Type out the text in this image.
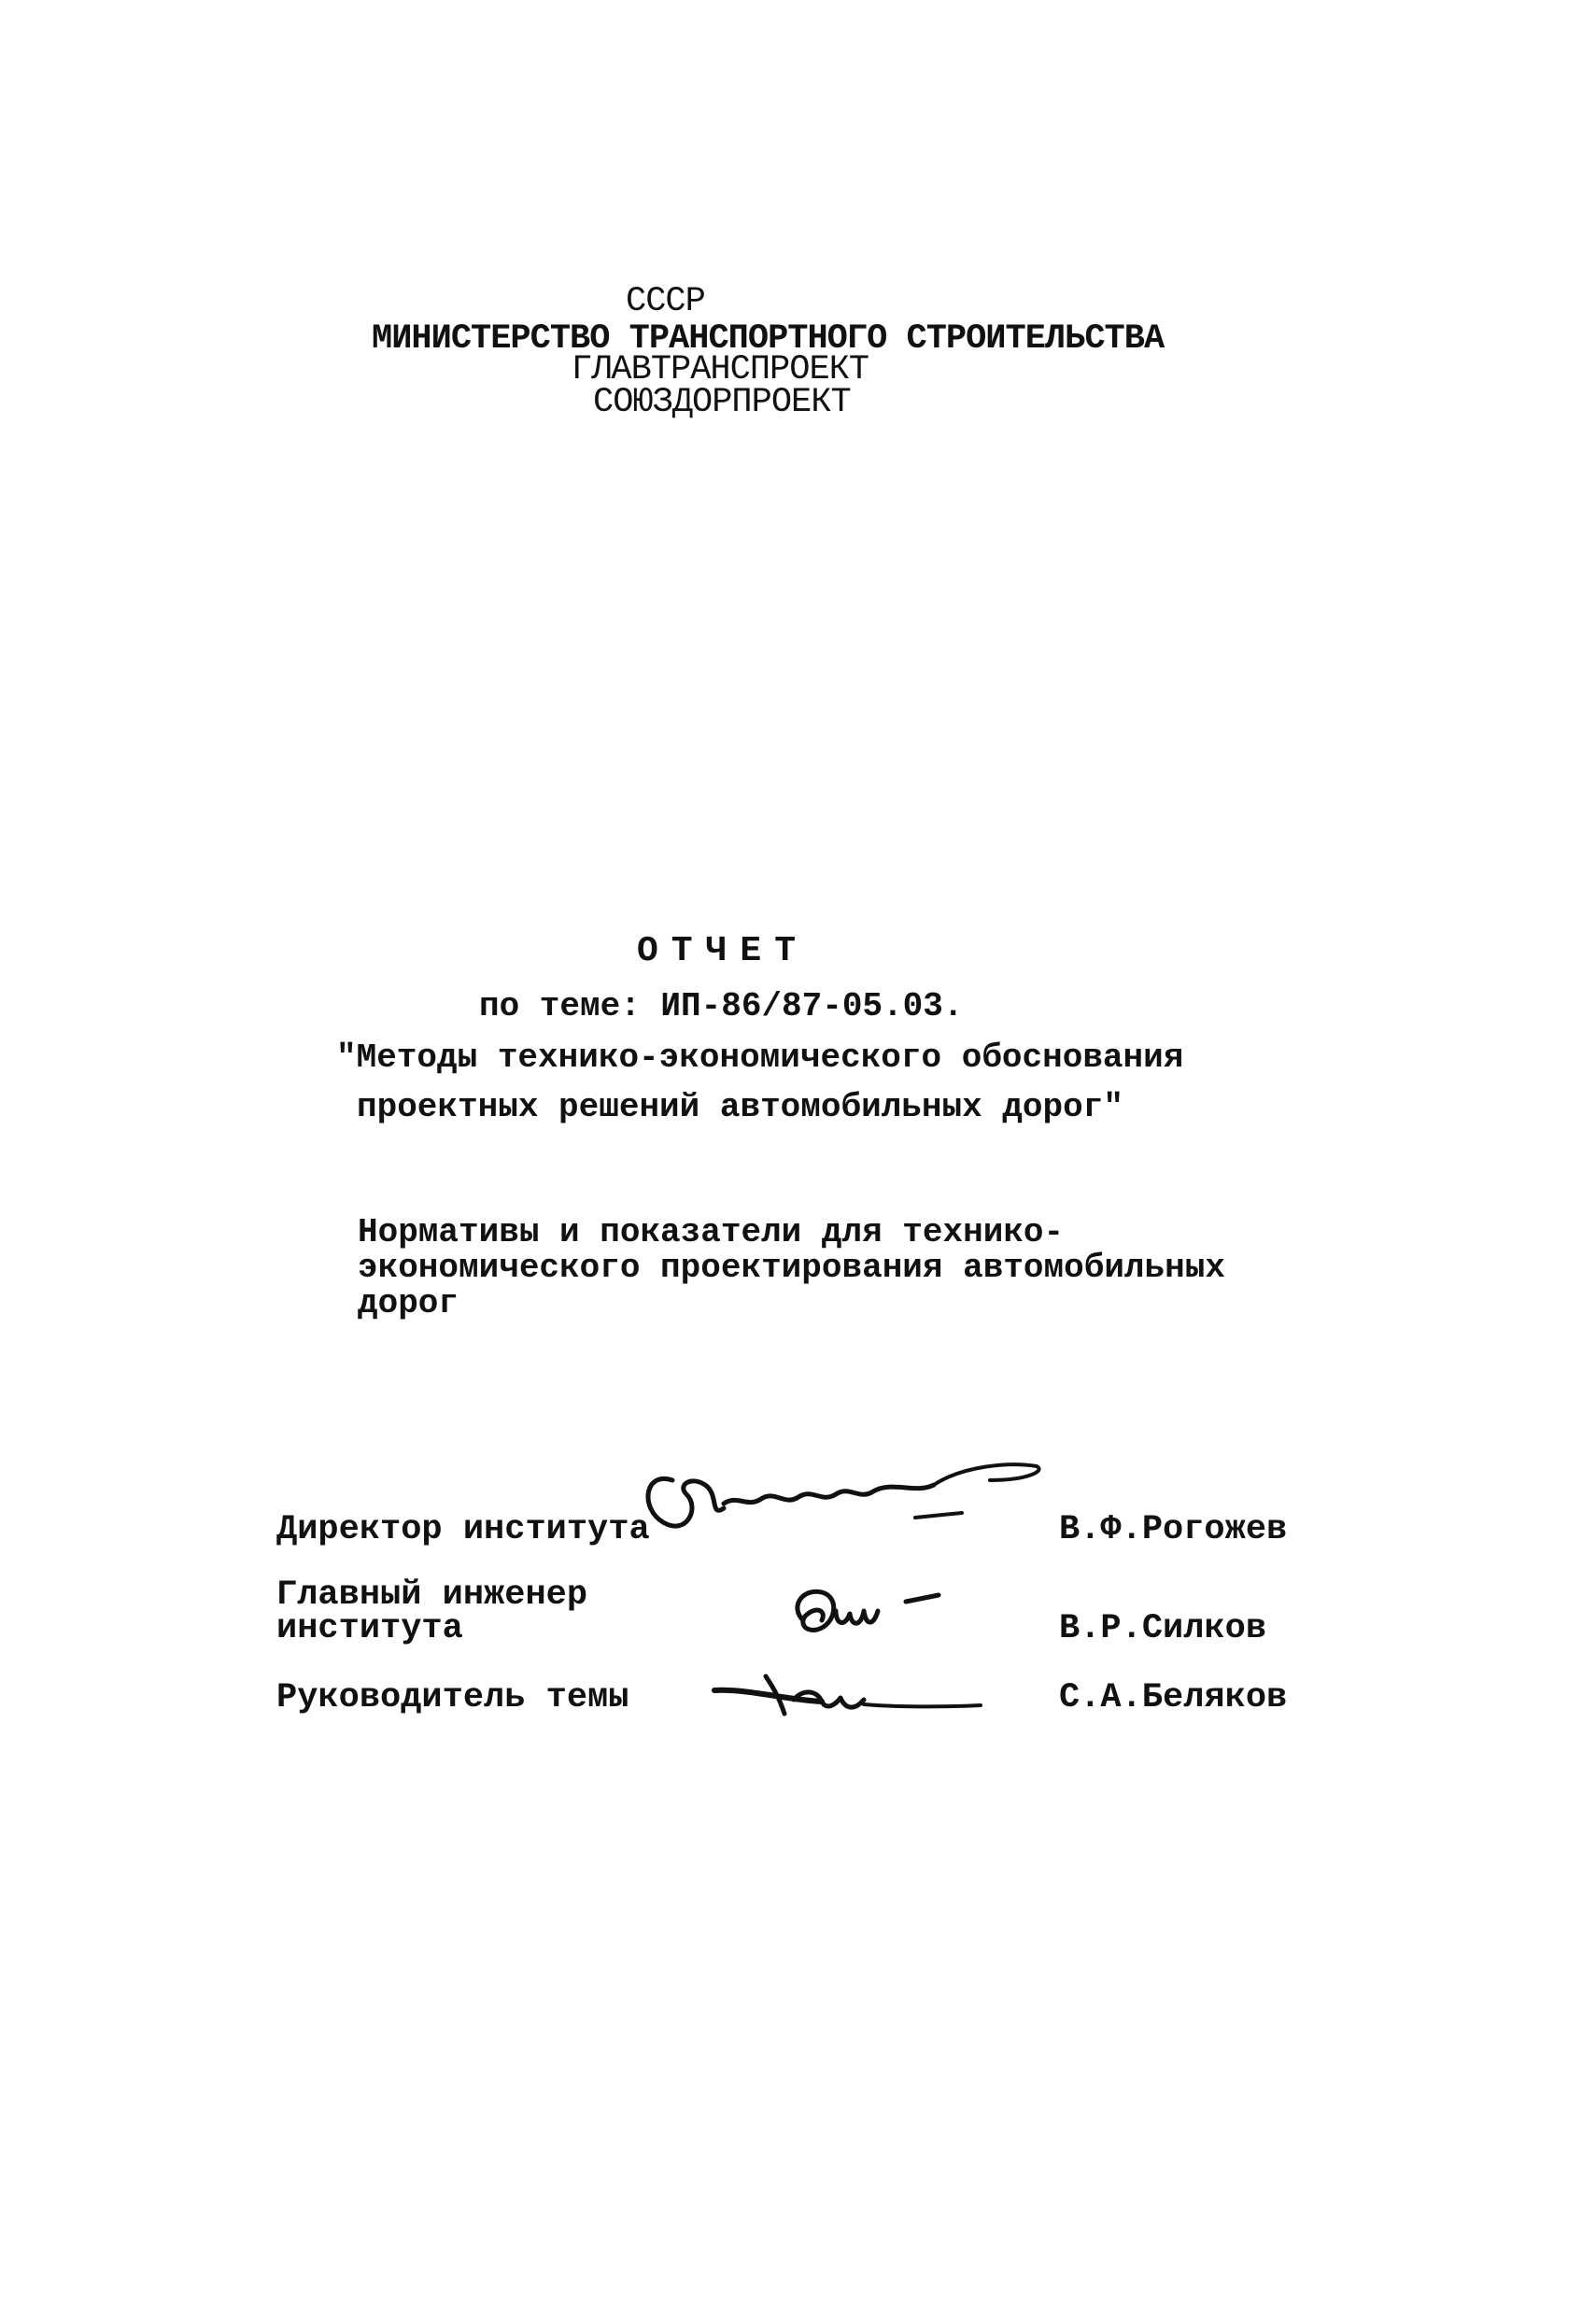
СССР
МИНИСТЕРСТВО ТРАНСПОРТНОГО СТРОИТЕЛЬСТВА
ГЛАВТРАНСПРОЕКТ
СОЮЗДОРПРОЕКТ
ОТЧЕТ
по теме: ИП-86/87-05.03.
"Методы технико-экономического обоснования
проектных решений автомобильных дорог"
Нормативы и показатели для технико-
экономического проектирования автомобильных
дорог
Директор института	В.Ф.Рогожев
Главный инженер
института	В.Р.Силков
Руководитель темы	С.А.Беляков
